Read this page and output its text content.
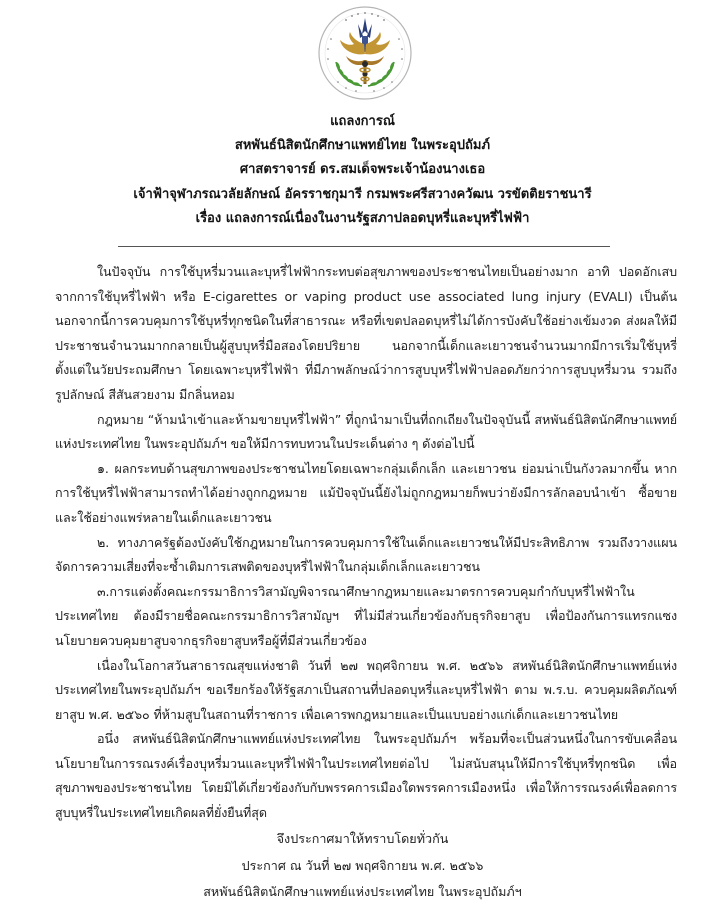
แถลงการณ์
สหพันธ์นิสิตนักศึกษาแพทย์ไทย ในพระอุปถัมภ์
ศาสตราจารย์ ดร.สมเด็จพระเจ้าน้องนางเธอ
เจ้าฟ้าจุฬาภรณวลัยลักษณ์ อัครราชกุมารี กรมพระศรีสวางควัฒน วรขัตติยราชนารี
เรื่อง แถลงการณ์เนื่องในงานรัฐสภาปลอดบุหรี่และบุหรี่ไฟฟ้า

ในปัจจุบัน การใช้บุหรี่มวนและบุหรี่ไฟฟ้ากระทบต่อสุขภาพของประชาชนไทยเป็นอย่างมาก อาทิ ปอดอักเสบจากการใช้บุหรี่ไฟฟ้า หรือ E-cigarettes or vaping product use associated lung injury (EVALI) เป็นต้น นอกจากนี้การควบคุมการใช้บุหรี่ทุกชนิดในที่สาธารณะ หรือที่เขตปลอดบุหรี่ไม่ได้การบังคับใช้อย่างเข้มงวด ส่งผลให้มีประชาชนจำนวนมากกลายเป็นผู้สูบบุหรี่มือสองโดยปริยาย นอกจากนี้เด็กและเยาวชนจำนวนมากมีการเริ่มใช้บุหรี่ตั้งแต่ในวัยประถมศึกษา โดยเฉพาะบุหรี่ไฟฟ้า ที่มีภาพลักษณ์ว่าการสูบบุหรี่ไฟฟ้าปลอดภัยกว่าการสูบบุหรี่มวน รวมถึงรูปลักษณ์ สีสันสวยงาม มีกลิ่นหอม

กฎหมาย “ห้ามนำเข้าและห้ามขายบุหรี่ไฟฟ้า” ที่ถูกนำมาเป็นที่ถกเถียงในปัจจุบันนี้ สหพันธ์นิสิตนักศึกษาแพทย์แห่งประเทศไทย ในพระอุปถัมภ์ฯ ขอให้มีการทบทวนในประเด็นต่าง ๆ ดังต่อไปนี้

๑. ผลกระทบด้านสุขภาพของประชาชนไทยโดยเฉพาะกลุ่มเด็กเล็ก และเยาวชน ย่อมน่าเป็นกังวลมากขึ้น หากการใช้บุหรี่ไฟฟ้าสามารถทำได้อย่างถูกกฎหมาย แม้ปัจจุบันนี้ยังไม่ถูกกฎหมายก็พบว่ายังมีการลักลอบนำเข้า ซื้อขาย และใช้อย่างแพร่หลายในเด็กและเยาวชน

๒. ทางภาครัฐต้องบังคับใช้กฎหมายในการควบคุมการใช้ในเด็กและเยาวชนให้มีประสิทธิภาพ รวมถึงวางแผนจัดการความเสี่ยงที่จะซ้ำเติมการเสพติดของบุหรี่ไฟฟ้าในกลุ่มเด็กเล็กและเยาวชน

๓.การแต่งตั้งคณะกรรมาธิการวิสามัญพิจารณาศึกษากฎหมายและมาตรการควบคุมกำกับบุหรี่ไฟฟ้าในประเทศไทย ต้องมีรายชื่อคณะกรรมาธิการวิสามัญฯ ที่ไม่มีส่วนเกี่ยวข้องกับธุรกิจยาสูบ เพื่อป้องกันการแทรกแซงนโยบายควบคุมยาสูบจากธุรกิจยาสูบหรือผู้ที่มีส่วนเกี่ยวข้อง

เนื่องในโอกาสวันสาธารณสุขแห่งชาติ วันที่ ๒๗ พฤศจิกายน พ.ศ. ๒๕๖๖ สหพันธ์นิสิตนักศึกษาแพทย์แห่งประเทศไทยในพระอุปถัมภ์ฯ ขอเรียกร้องให้รัฐสภาเป็นสถานที่ปลอดบุหรี่และบุหรี่ไฟฟ้า ตาม พ.ร.บ. ควบคุมผลิตภัณฑ์ยาสูบ พ.ศ. ๒๕๖๐ ที่ห้ามสูบในสถานที่ราชการ เพื่อเคารพกฎหมายและเป็นแบบอย่างแก่เด็กและเยาวชนไทย

อนึ่ง สหพันธ์นิสิตนักศึกษาแพทย์แห่งประเทศไทย ในพระอุปถัมภ์ฯ พร้อมที่จะเป็นส่วนหนึ่งในการขับเคลื่อนนโยบายในการรณรงค์เรื่องบุหรี่มวนและบุหรี่ไฟฟ้าในประเทศไทยต่อไป ไม่สนับสนุนให้มีการใช้บุหรี่ทุกชนิด เพื่อสุขภาพของประชาชนไทย โดยมิได้เกี่ยวข้องกับกับพรรคการเมืองใดพรรคการเมืองหนึ่ง เพื่อให้การรณรงค์เพื่อลดการสูบบุหรี่ในประเทศไทยเกิดผลที่ยั่งยืนที่สุด

จึงประกาศมาให้ทราบโดยทั่วกัน
ประกาศ ณ วันที่ ๒๗ พฤศจิกายน พ.ศ. ๒๕๖๖
สหพันธ์นิสิตนักศึกษาแพทย์แห่งประเทศไทย ในพระอุปถัมภ์ฯ
